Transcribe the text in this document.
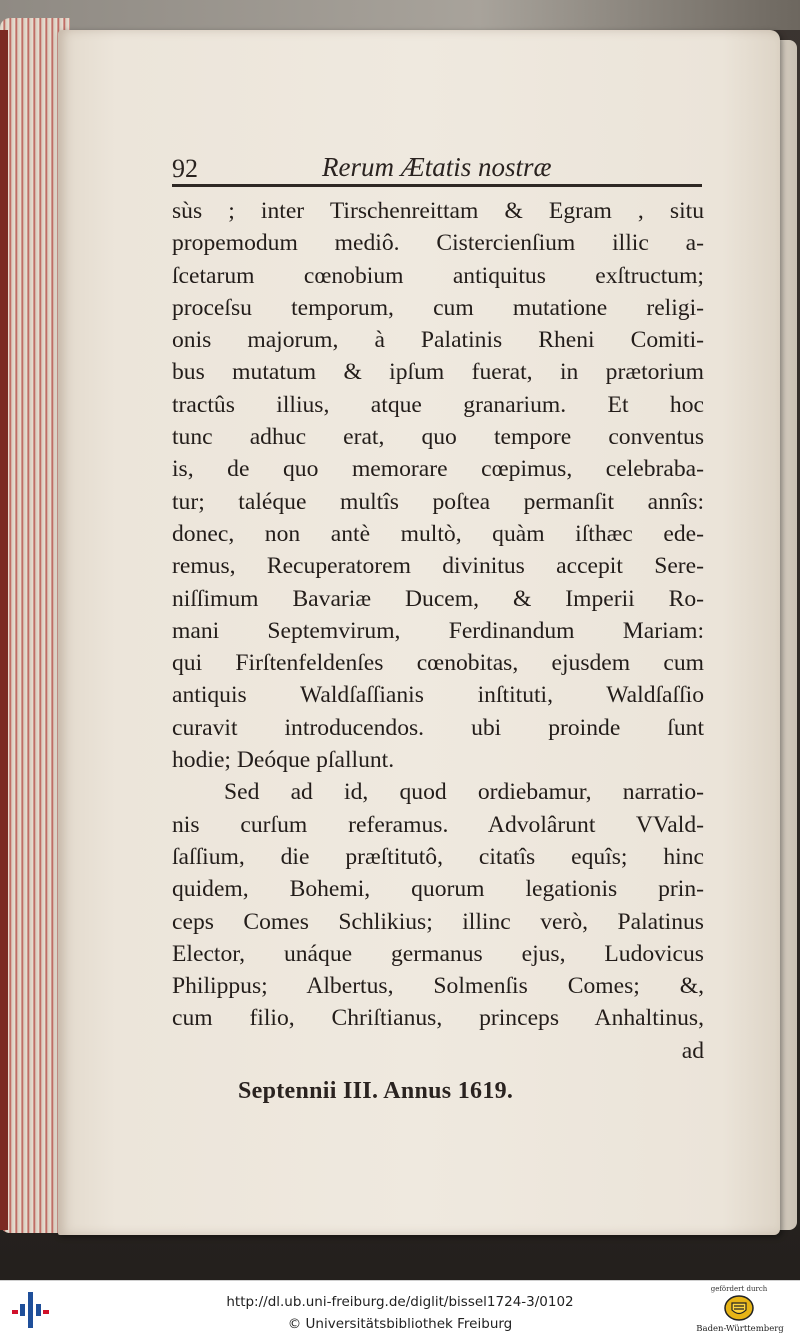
92	Rerum Ætatis nostræ
sùs ; inter Tirschenreittam & Egram , situ
propemodum mediô. Cistercienſium illic a-
ſcetarum cœnobium antiquitus exſtructum;
proceſsu temporum, cum mutatione religi-
onis majorum, à Palatinis Rheni Comiti-
bus mutatum & ipſum fuerat, in prætorium
tractûs illius, atque granarium. Et hoc
tunc adhuc erat, quo tempore conventus
is, de quo memorare cœpimus, celebraba-
tur; taléque multîs poſtea permanſit annîs:
donec, non antè multò, quàm iſthæc ede-
remus, Recuperatorem divinitus accepit Sere-
niſſimum Bavariæ Ducem, & Imperii Ro-
mani Septemvirum, Ferdinandum Mariam:
qui Firſtenfeldenſes cœnobitas, ejusdem cum
antiquis Waldſaſſianis inſtituti, Waldſaſſio
curavit introducendos. ubi proinde ſunt
hodie; Deóque pſallunt.
Sed ad id, quod ordiebamur, narratio-
nis curſum referamus. Advolârunt VVald-
ſaſſium, die præſtitutô, citatîs equîs; hinc
quidem, Bohemi, quorum legationis prin-
ceps Comes Schlikius; illinc verò, Palatinus
Elector, unáque germanus ejus, Ludovicus
Philippus; Albertus, Solmenſis Comes; &,
cum filio, Chriſtianus, princeps Anhaltinus,
ad
Septennii III. Annus 1619.
http://dl.ub.uni-freiburg.de/diglit/bissel1724-3/0102
© Universitätsbibliothek Freiburg
gefördert durch
Baden-Württemberg
